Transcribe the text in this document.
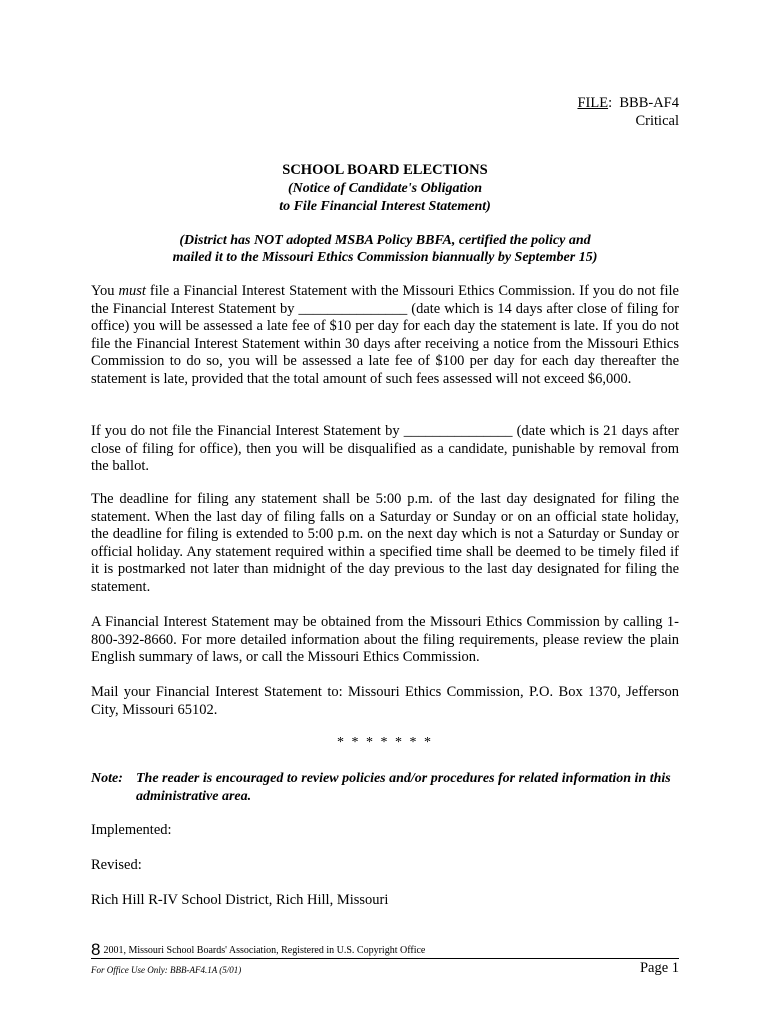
FILE:  BBB-AF4
Critical
SCHOOL BOARD ELECTIONS
(Notice of Candidate's Obligation
to File Financial Interest Statement)
(District has NOT adopted MSBA Policy BBFA, certified the policy and
mailed it to the Missouri Ethics Commission biannually by September 15)

You must file a Financial Interest Statement with the Missouri Ethics Commission. If you do not file the Financial Interest Statement by _______________ (date which is 14 days after close of filing for office) you will be assessed a late fee of $10 per day for each day the statement is late. If you do not file the Financial Interest Statement within 30 days after receiving a notice from the Missouri Ethics Commission to do so, you will be assessed a late fee of $100 per day for each day thereafter the statement is late, provided that the total amount of such fees assessed will not exceed $6,000.

If you do not file the Financial Interest Statement by _______________ (date which is 21 days after close of filing for office), then you will be disqualified as a candidate, punishable by removal from the ballot.

The deadline for filing any statement shall be 5:00 p.m. of the last day designated for filing the statement. When the last day of filing falls on a Saturday or Sunday or on an official state holiday, the deadline for filing is extended to 5:00 p.m. on the next day which is not a Saturday or Sunday or official holiday. Any statement required within a specified time shall be deemed to be timely filed if it is postmarked not later than midnight of the day previous to the last day designated for filing the statement.

A Financial Interest Statement may be obtained from the Missouri Ethics Commission by calling 1-800-392-8660. For more detailed information about the filing requirements, please review the plain English summary of laws, or call the Missouri Ethics Commission.

Mail your Financial Interest Statement to: Missouri Ethics Commission, P.O. Box 1370, Jefferson City, Missouri 65102.

* * * * * * *
Note: The reader is encouraged to review policies and/or procedures for related information in this administrative area.
Implemented:
Revised:
Rich Hill R-IV School District, Rich Hill, Missouri
8 2001, Missouri School Boards' Association, Registered in U.S. Copyright Office
For Office Use Only: BBB-AF4.1A (5/01)	Page 1
